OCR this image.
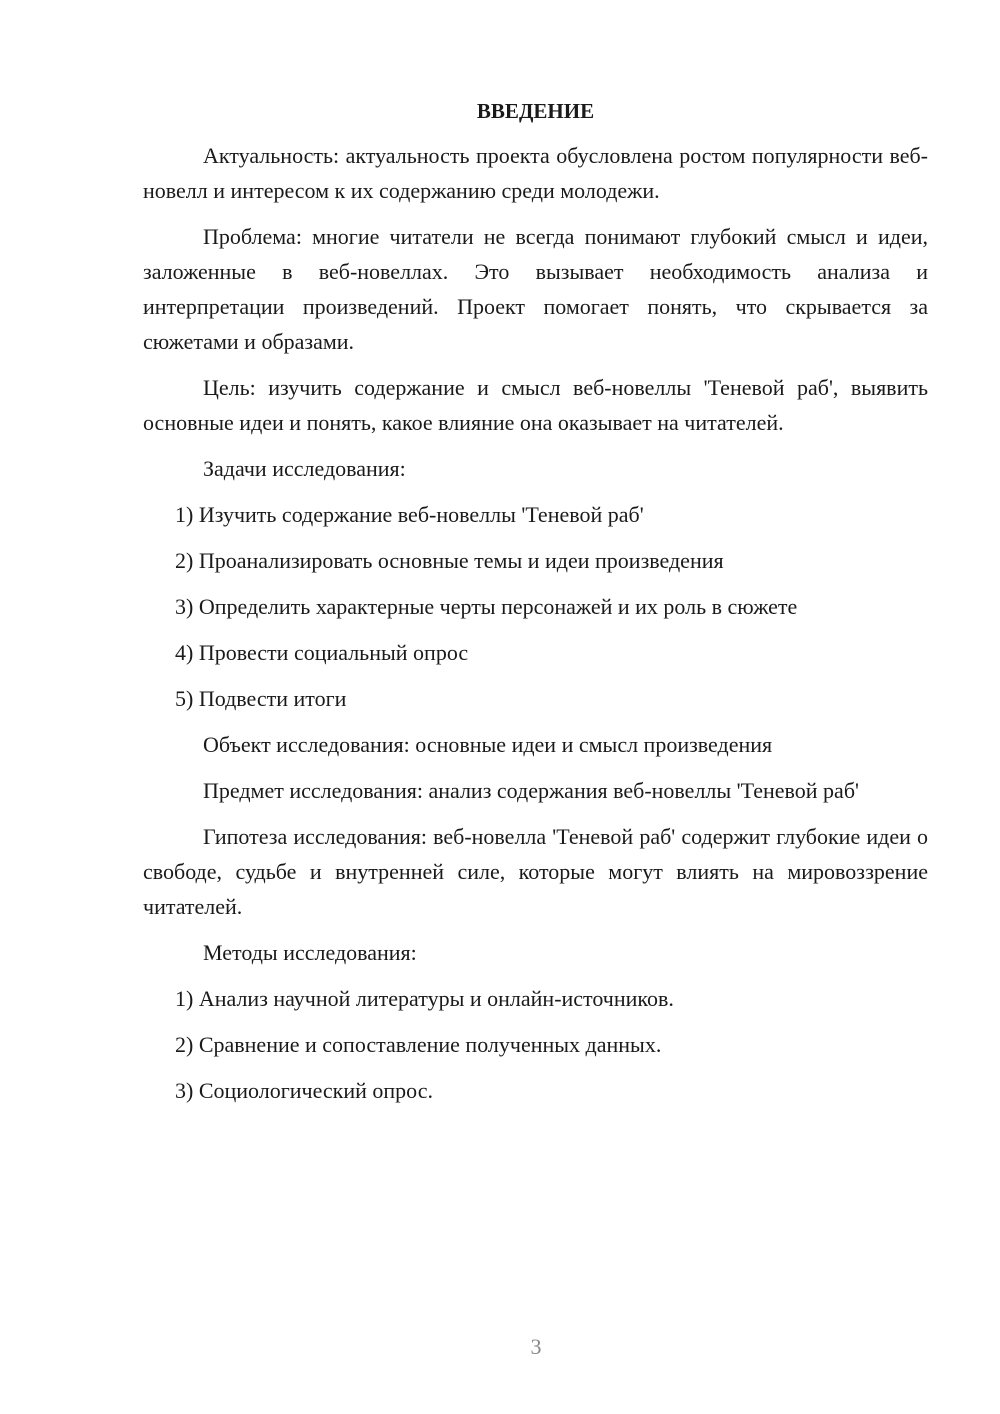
ВВЕДЕНИЕ

Актуальность: актуальность проекта обусловлена ростом популярности веб-новелл и интересом к их содержанию среди молодежи.

Проблема: многие читатели не всегда понимают глубокий смысл и идеи, заложенные в веб-новеллах. Это вызывает необходимость анализа и интерпретации произведений. Проект помогает понять, что скрывается за сюжетами и образами.

Цель: изучить содержание и смысл веб-новеллы 'Теневой раб', выявить основные идеи и понять, какое влияние она оказывает на читателей.

Задачи исследования:

1) Изучить содержание веб-новеллы 'Теневой раб'
2) Проанализировать основные темы и идеи произведения
3) Определить характерные черты персонажей и их роль в сюжете
4) Провести социальный опрос
5) Подвести итоги

Объект исследования: основные идеи и смысл произведения

Предмет исследования: анализ содержания веб-новеллы 'Теневой раб'

Гипотеза исследования: веб-новелла 'Теневой раб' содержит глубокие идеи о свободе, судьбе и внутренней силе, которые могут влиять на мировоззрение читателей.

Методы исследования:

1) Анализ научной литературы и онлайн-источников.
2) Сравнение и сопоставление полученных данных.
3) Социологический опрос.
3
